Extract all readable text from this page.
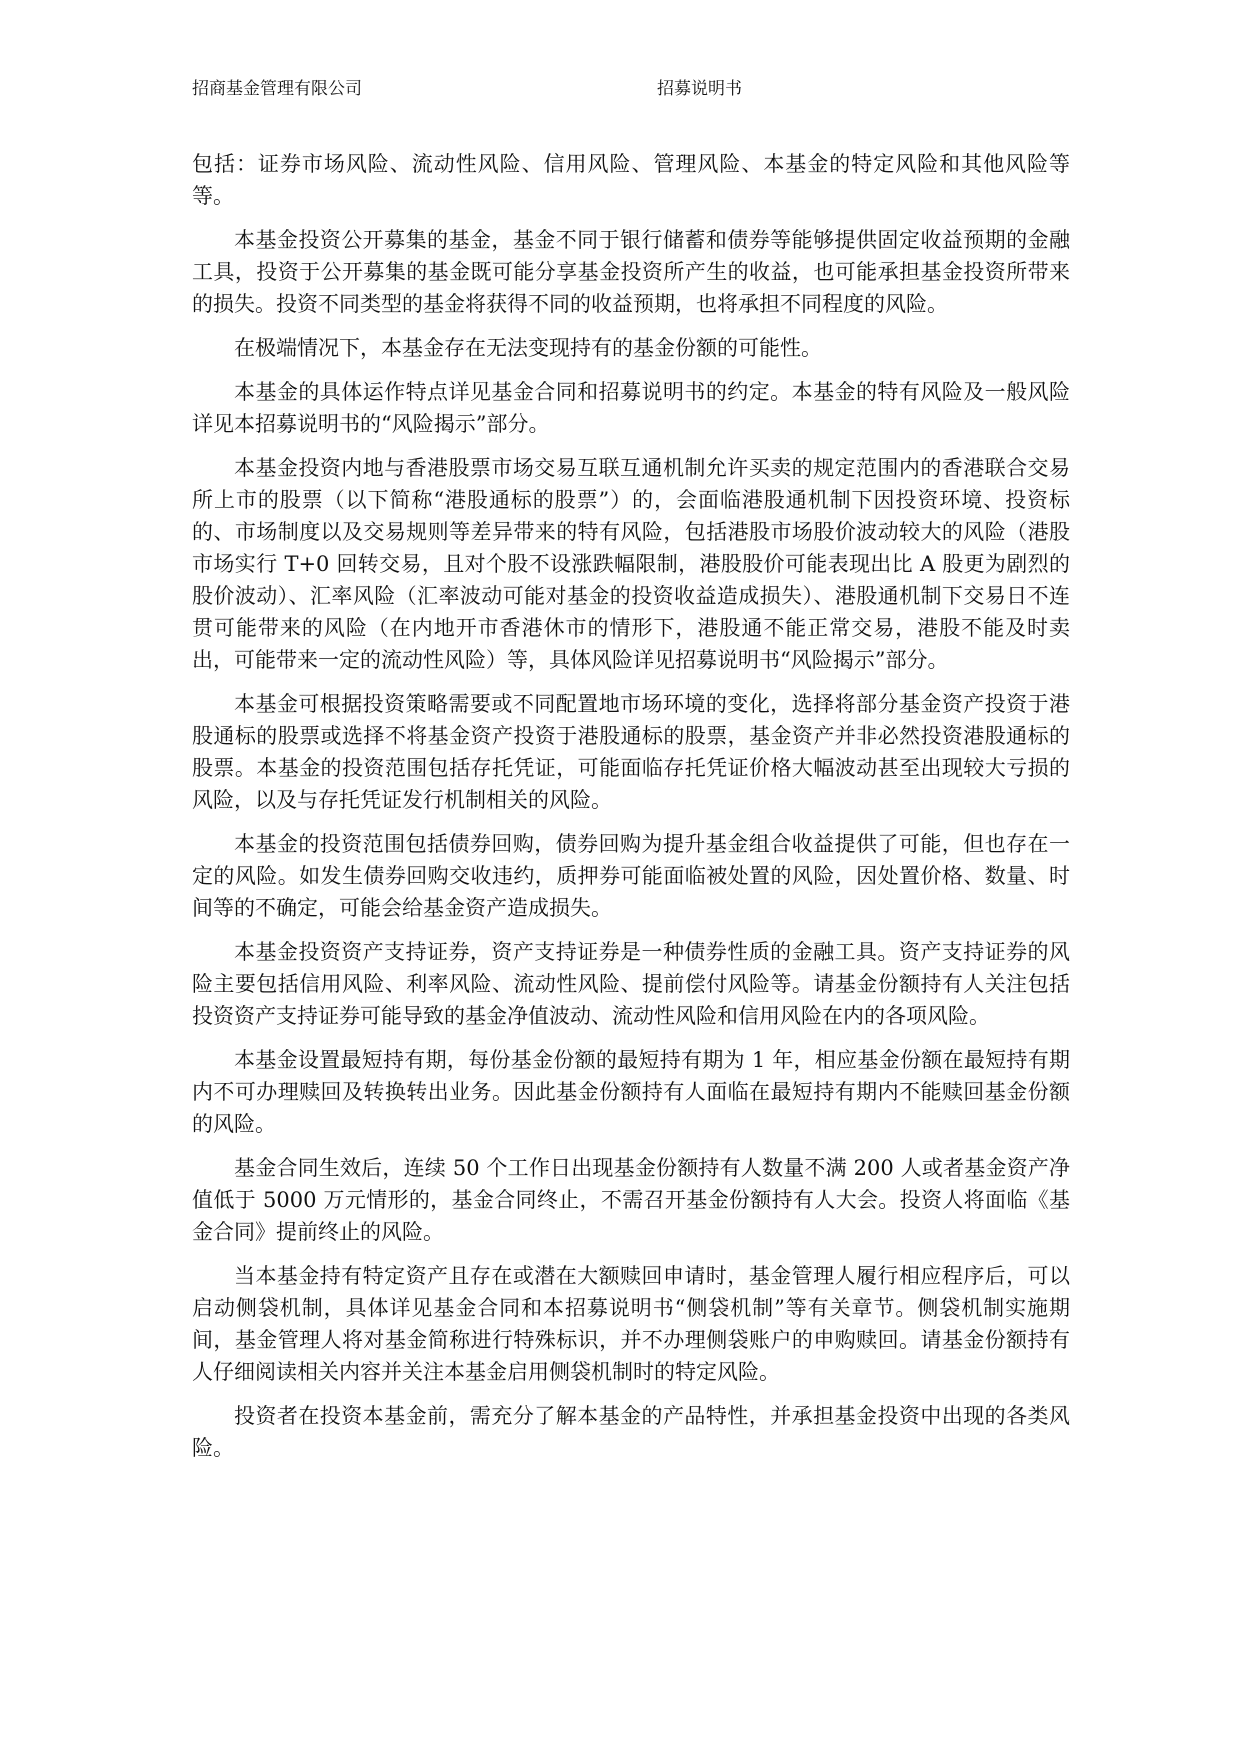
招商基金管理有限公司	招募说明书

包括：证券市场风险、流动性风险、信用风险、管理风险、本基金的特定风险和其他风险等等。

本基金投资公开募集的基金，基金不同于银行储蓄和债券等能够提供固定收益预期的金融工具，投资于公开募集的基金既可能分享基金投资所产生的收益，也可能承担基金投资所带来的损失。投资不同类型的基金将获得不同的收益预期，也将承担不同程度的风险。

在极端情况下，本基金存在无法变现持有的基金份额的可能性。

本基金的具体运作特点详见基金合同和招募说明书的约定。本基金的特有风险及一般风险详见本招募说明书的“风险揭示”部分。

本基金投资内地与香港股票市场交易互联互通机制允许买卖的规定范围内的香港联合交易所上市的股票（以下简称“港股通标的股票”）的，会面临港股通机制下因投资环境、投资标的、市场制度以及交易规则等差异带来的特有风险，包括港股市场股价波动较大的风险（港股市场实行 T+0 回转交易，且对个股不设涨跌幅限制，港股股价可能表现出比 A 股更为剧烈的股价波动）、汇率风险（汇率波动可能对基金的投资收益造成损失）、港股通机制下交易日不连贯可能带来的风险（在内地开市香港休市的情形下，港股通不能正常交易，港股不能及时卖出，可能带来一定的流动性风险）等，具体风险详见招募说明书“风险揭示”部分。

本基金可根据投资策略需要或不同配置地市场环境的变化，选择将部分基金资产投资于港股通标的股票或选择不将基金资产投资于港股通标的股票，基金资产并非必然投资港股通标的股票。本基金的投资范围包括存托凭证，可能面临存托凭证价格大幅波动甚至出现较大亏损的风险，以及与存托凭证发行机制相关的风险。

本基金的投资范围包括债券回购，债券回购为提升基金组合收益提供了可能，但也存在一定的风险。如发生债券回购交收违约，质押券可能面临被处置的风险，因处置价格、数量、时间等的不确定，可能会给基金资产造成损失。

本基金投资资产支持证券，资产支持证券是一种债券性质的金融工具。资产支持证券的风险主要包括信用风险、利率风险、流动性风险、提前偿付风险等。请基金份额持有人关注包括投资资产支持证券可能导致的基金净值波动、流动性风险和信用风险在内的各项风险。

本基金设置最短持有期，每份基金份额的最短持有期为 1 年，相应基金份额在最短持有期内不可办理赎回及转换转出业务。因此基金份额持有人面临在最短持有期内不能赎回基金份额的风险。

基金合同生效后，连续 50 个工作日出现基金份额持有人数量不满 200 人或者基金资产净值低于 5000 万元情形的，基金合同终止，不需召开基金份额持有人大会。投资人将面临《基金合同》提前终止的风险。

当本基金持有特定资产且存在或潜在大额赎回申请时，基金管理人履行相应程序后，可以启动侧袋机制，具体详见基金合同和本招募说明书“侧袋机制”等有关章节。侧袋机制实施期间，基金管理人将对基金简称进行特殊标识，并不办理侧袋账户的申购赎回。请基金份额持有人仔细阅读相关内容并关注本基金启用侧袋机制时的特定风险。

投资者在投资本基金前，需充分了解本基金的产品特性，并承担基金投资中出现的各类风险。
